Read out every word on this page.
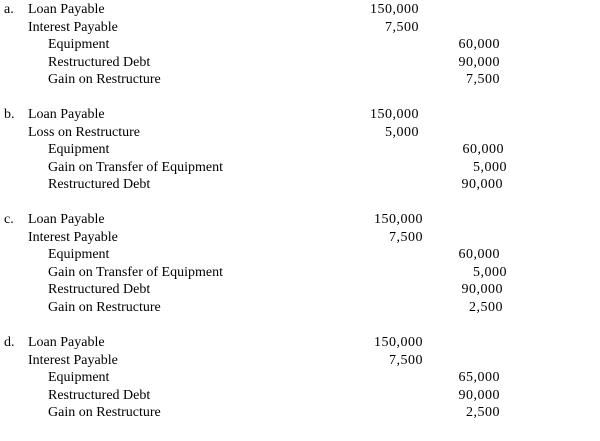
a. Loan Payable	150,000
Interest Payable	7,500
Equipment	60,000
Restructured Debt	90,000
Gain on Restructure	7,500
b. Loan Payable	150,000
Loss on Restructure	5,000
Equipment	60,000
Gain on Transfer of Equipment	5,000
Restructured Debt	90,000
c. Loan Payable	150,000
Interest Payable	7,500
Equipment	60,000
Gain on Transfer of Equipment	5,000
Restructured Debt	90,000
Gain on Restructure	2,500
d. Loan Payable	150,000
Interest Payable	7,500
Equipment	65,000
Restructured Debt	90,000
Gain on Restructure	2,500
